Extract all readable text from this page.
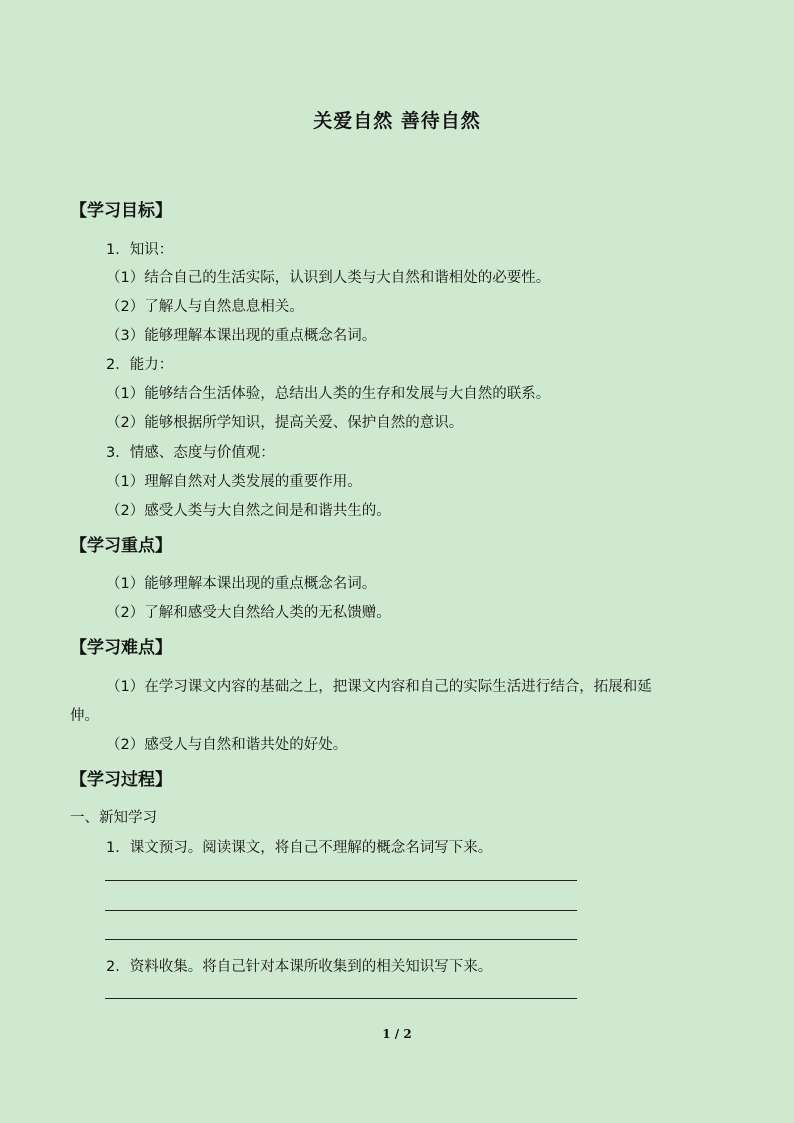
关爱自然 善待自然
【学习目标】
1．知识：
（1）结合自己的生活实际，认识到人类与大自然和谐相处的必要性。
（2）了解人与自然息息相关。
（3）能够理解本课出现的重点概念名词。
2．能力：
（1）能够结合生活体验，总结出人类的生存和发展与大自然的联系。
（2）能够根据所学知识，提高关爱、保护自然的意识。
3．情感、态度与价值观：
（1）理解自然对人类发展的重要作用。
（2）感受人类与大自然之间是和谐共生的。
【学习重点】
（1）能够理解本课出现的重点概念名词。
（2）了解和感受大自然给人类的无私馈赠。
【学习难点】
（1）在学习课文内容的基础之上，把课文内容和自己的实际生活进行结合，拓展和延
伸。
（2）感受人与自然和谐共处的好处。
【学习过程】
一、新知学习
1．课文预习。阅读课文，将自己不理解的概念名词写下来。
2．资料收集。将自己针对本课所收集到的相关知识写下来。
1 / 2
